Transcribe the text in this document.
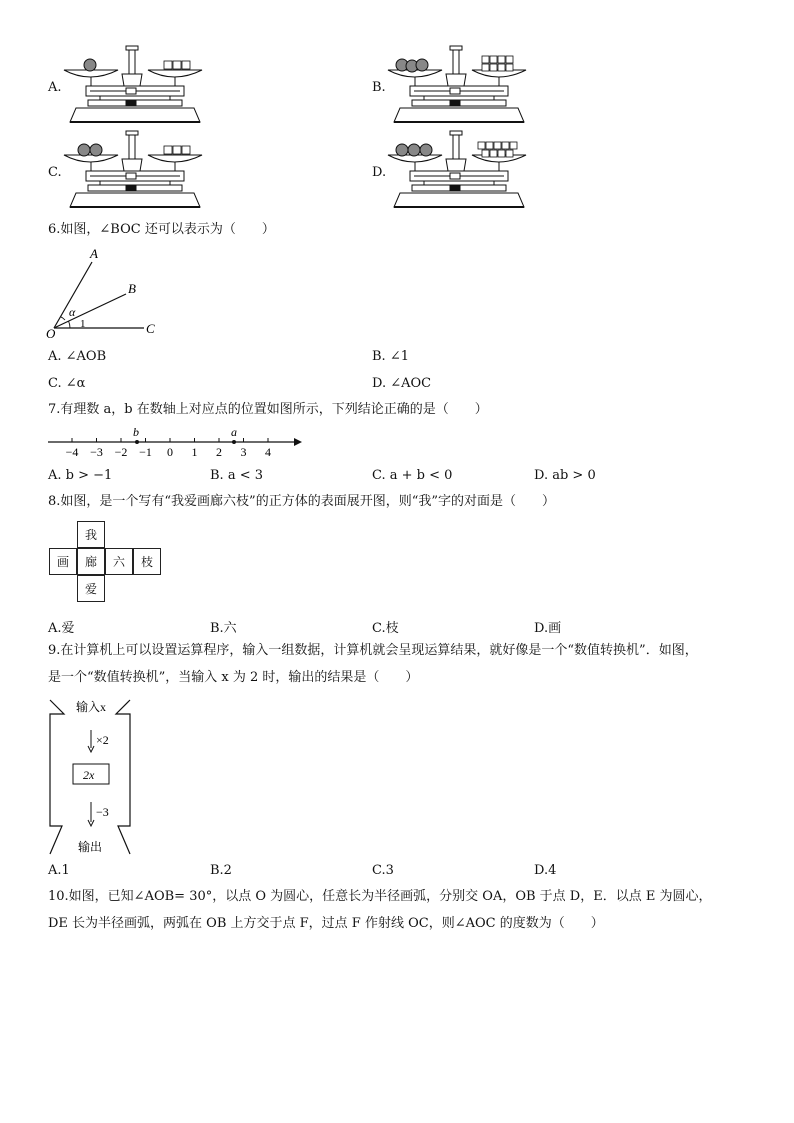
A.	B.
C.	D.
6.如图，∠BOC 还可以表示为（　　）
A
B
C
O
α
1
A. ∠AOB	B. ∠1
C. ∠α	D. ∠AOC
7.有理数 a，b 在数轴上对应点的位置如图所示，下列结论正确的是（　　）
−4 −3 −2 −1 0 1 2 3 4
b	a
A. b > −1	B. a < 3	C. a + b < 0	D. ab > 0
8.如图，是一个写有“我爱画廊六枝”的正方体的表面展开图，则“我”字的对面是（　　）
我
画	廊	六	枝
爱
A.爱	B.六	C.枝	D.画
9.在计算机上可以设置运算程序，输入一组数据，计算机就会呈现运算结果，就好像是一个“数值转换机”．如图，
是一个“数值转换机”，当输入 x 为 2 时，输出的结果是（　　）
输入x
×2
2x
−3
输出
A.1	B.2	C.3	D.4
10.如图，已知∠AOB= 30°，以点 O 为圆心，任意长为半径画弧，分别交 OA，OB 于点 D，E．以点 E 为圆心，
DE 长为半径画弧，两弧在 OB 上方交于点 F，过点 F 作射线 OC，则∠AOC 的度数为（　　）
